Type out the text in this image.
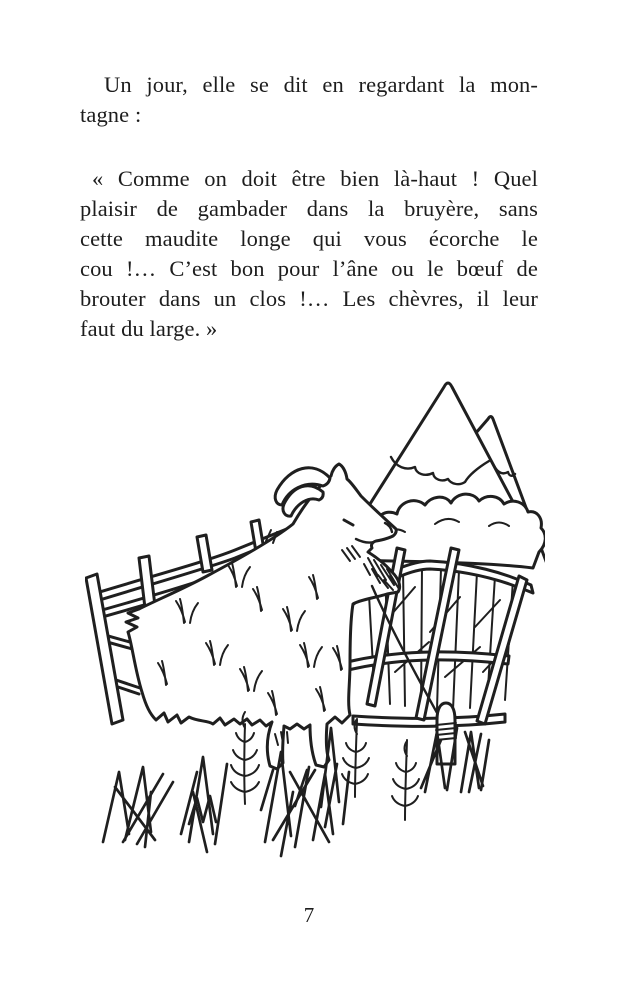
Un jour, elle se dit en regardant la mon-
tagne :
« Comme on doit être bien là-haut ! Quel
plaisir de gambader dans la bruyère, sans
cette maudite longe qui vous écorche le
cou !… C’est bon pour l’âne ou le bœuf de
brouter dans un clos !… Les chèvres, il leur
faut du large. »
7
